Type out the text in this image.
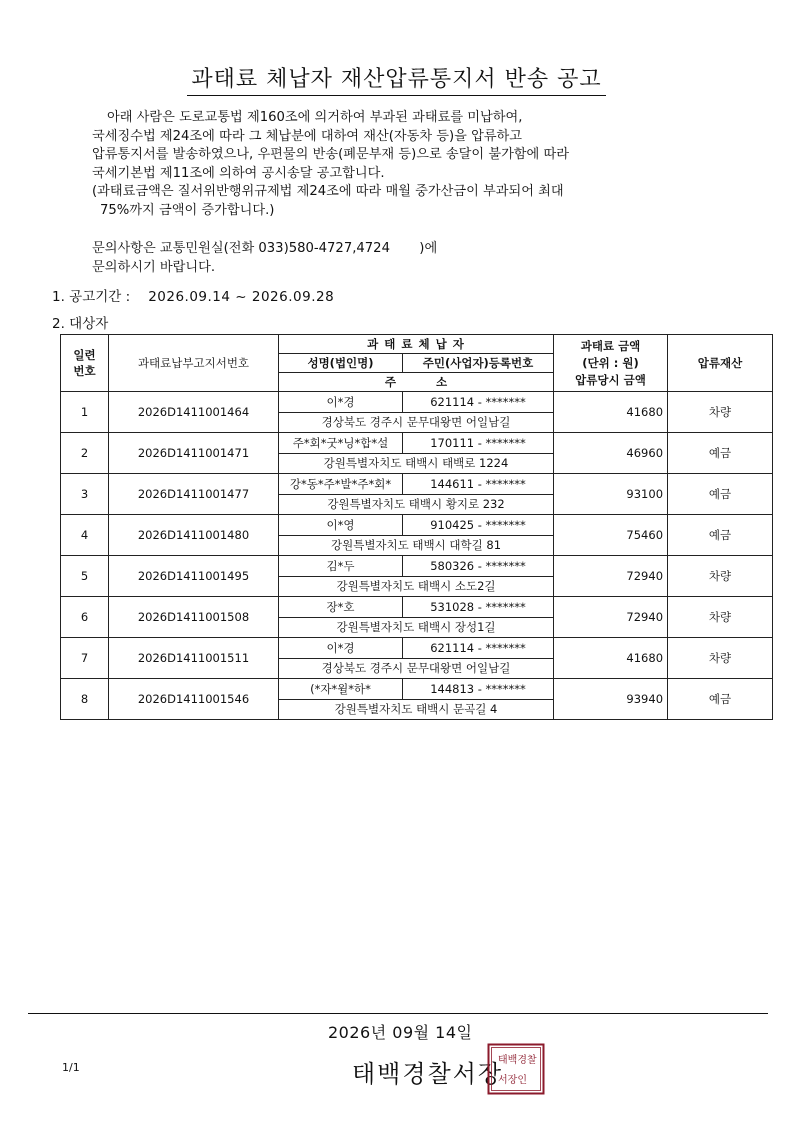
과태료 체납자 재산압류통지서 반송 공고
아래 사람은 도로교통법 제160조에 의거하여 부과된 과태료를 미납하여,
국세징수법 제24조에 따라 그 체납분에 대하여 재산(자동차 등)을 압류하고
압류통지서를 발송하였으나, 우편물의 반송(폐문부재 등)으로 송달이 불가함에 따라
국세기본법 제11조에 의하여 공시송달 공고합니다.
(과태료금액은 질서위반행위규제법 제24조에 따라 매월 중가산금이 부과되어 최대
75%까지 금액이 증가합니다.)
문의사항은 교통민원실(전화 033)580-4727,4724       )에
문의하시기 바랍니다.
1. 공고기간 : 2026.09.14 ~ 2026.09.28
2. 대상자
일련
번호	과태료납부고지서번호	과 태 료 체 납 자		과태료 금액
(단위 : 원)
압류당시 금액	압류재산
		성명(법인명)	주민(사업자)등록번호		
		주          소			
1	2026D1411001464	이*경	621114 - *******	41680	차량
		경상북도 경주시 문무대왕면 어일남길			
2	2026D1411001471	주*회*굿*닝*합*설	170111 - *******	46960	예금
		강원특별자치도 태백시 태백로 1224			
3	2026D1411001477	강*동*주*발*주*회*	144611 - *******	93100	예금
		강원특별자치도 태백시 황지로 232			
4	2026D1411001480	이*영	910425 - *******	75460	예금
		강원특별자치도 태백시 대학길 81			
5	2026D1411001495	김*두	580326 - *******	72940	차량
		강원특별자치도 태백시 소도2길			
6	2026D1411001508	장*호	531028 - *******	72940	차량
		강원특별자치도 태백시 장성1길			
7	2026D1411001511	이*경	621114 - *******	41680	차량
		경상북도 경주시 문무대왕면 어일남길			
8	2026D1411001546	(*자*윌*하*	144813 - *******	93940	예금
		강원특별자치도 태백시 문곡길 4			
2026년 09월 14일
1/1	태백경찰서장
태백경찰
서장인
